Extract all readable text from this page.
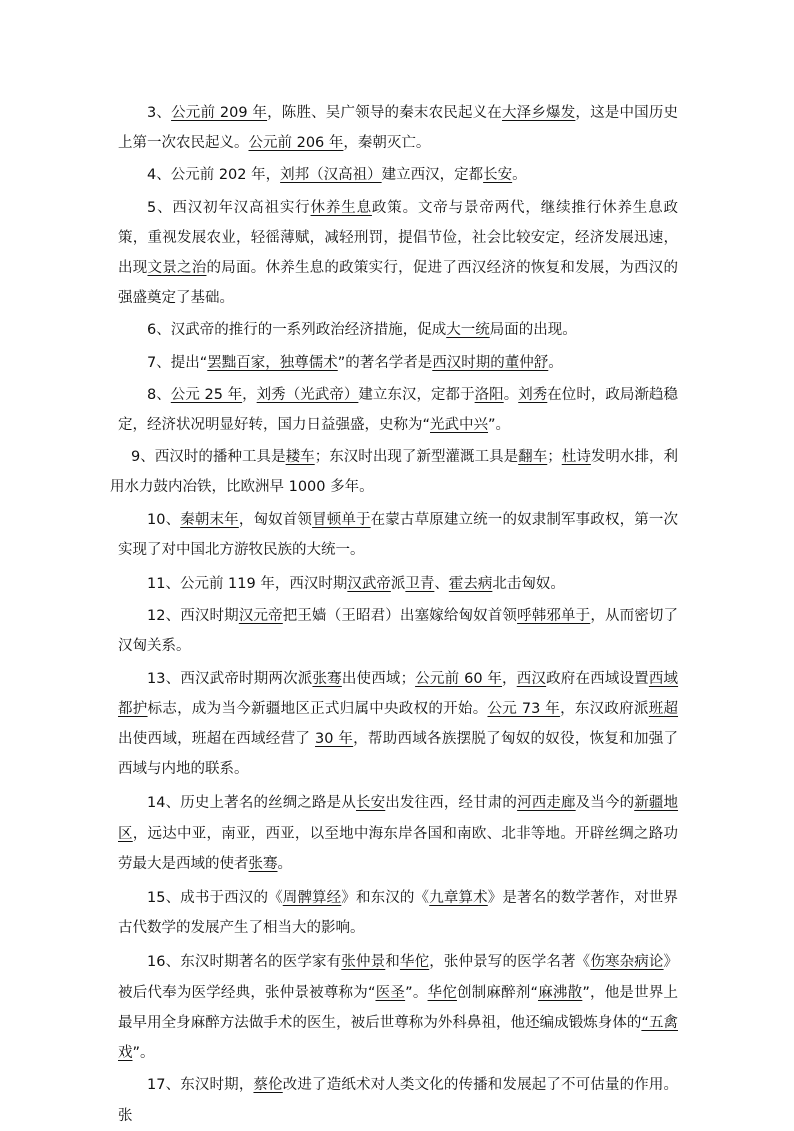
3、公元前 209 年，陈胜、吴广领导的秦末农民起义在大泽乡爆发，这是中国历史上第一次农民起义。公元前 206 年，秦朝灭亡。

4、公元前 202 年，刘邦（汉高祖）建立西汉，定都长安。

5、西汉初年汉高祖实行休养生息政策。文帝与景帝两代，继续推行休养生息政策，重视发展农业，轻徭薄赋，减轻刑罚，提倡节俭，社会比较安定，经济发展迅速，出现文景之治的局面。休养生息的政策实行，促进了西汉经济的恢复和发展，为西汉的强盛奠定了基础。

6、汉武帝的推行的一系列政治经济措施，促成大一统局面的出现。

7、提出“罢黜百家，独尊儒术”的著名学者是西汉时期的董仲舒。

8、公元 25 年，刘秀（光武帝）建立东汉，定都于洛阳。刘秀在位时，政局渐趋稳定，经济状况明显好转，国力日益强盛，史称为“光武中兴”。

9、西汉时的播种工具是耧车；东汉时出现了新型灌溉工具是翻车；杜诗发明水排，利用水力鼓内冶铁，比欧洲早 1000 多年。

10、秦朝末年，匈奴首领冒顿单于在蒙古草原建立统一的奴隶制军事政权，第一次实现了对中国北方游牧民族的大统一。

11、公元前 119 年，西汉时期汉武帝派卫青、霍去病北击匈奴。

12、西汉时期汉元帝把王嫱（王昭君）出塞嫁给匈奴首领呼韩邪单于，从而密切了汉匈关系。

13、西汉武帝时期两次派张骞出使西域；公元前 60 年，西汉政府在西域设置西域都护标志，成为当今新疆地区正式归属中央政权的开始。公元 73 年，东汉政府派班超出使西域，班超在西域经营了 30 年，帮助西域各族摆脱了匈奴的奴役，恢复和加强了西域与内地的联系。

14、历史上著名的丝绸之路是从长安出发往西，经甘肃的河西走廊及当今的新疆地区，远达中亚，南亚，西亚，以至地中海东岸各国和南欧、北非等地。开辟丝绸之路功劳最大是西域的使者张骞。

15、成书于西汉的《周髀算经》和东汉的《九章算术》是著名的数学著作，对世界古代数学的发展产生了相当大的影响。

16、东汉时期著名的医学家有张仲景和华佗，张仲景写的医学名著《伤寒杂病论》被后代奉为医学经典，张仲景被尊称为“医圣”。华佗创制麻醉剂“麻沸散”，他是世界上最早用全身麻醉方法做手术的医生，被后世尊称为外科鼻祖，他还编成锻炼身体的“五禽戏”。

17、东汉时期，蔡伦改进了造纸术对人类文化的传播和发展起了不可估量的作用。张
